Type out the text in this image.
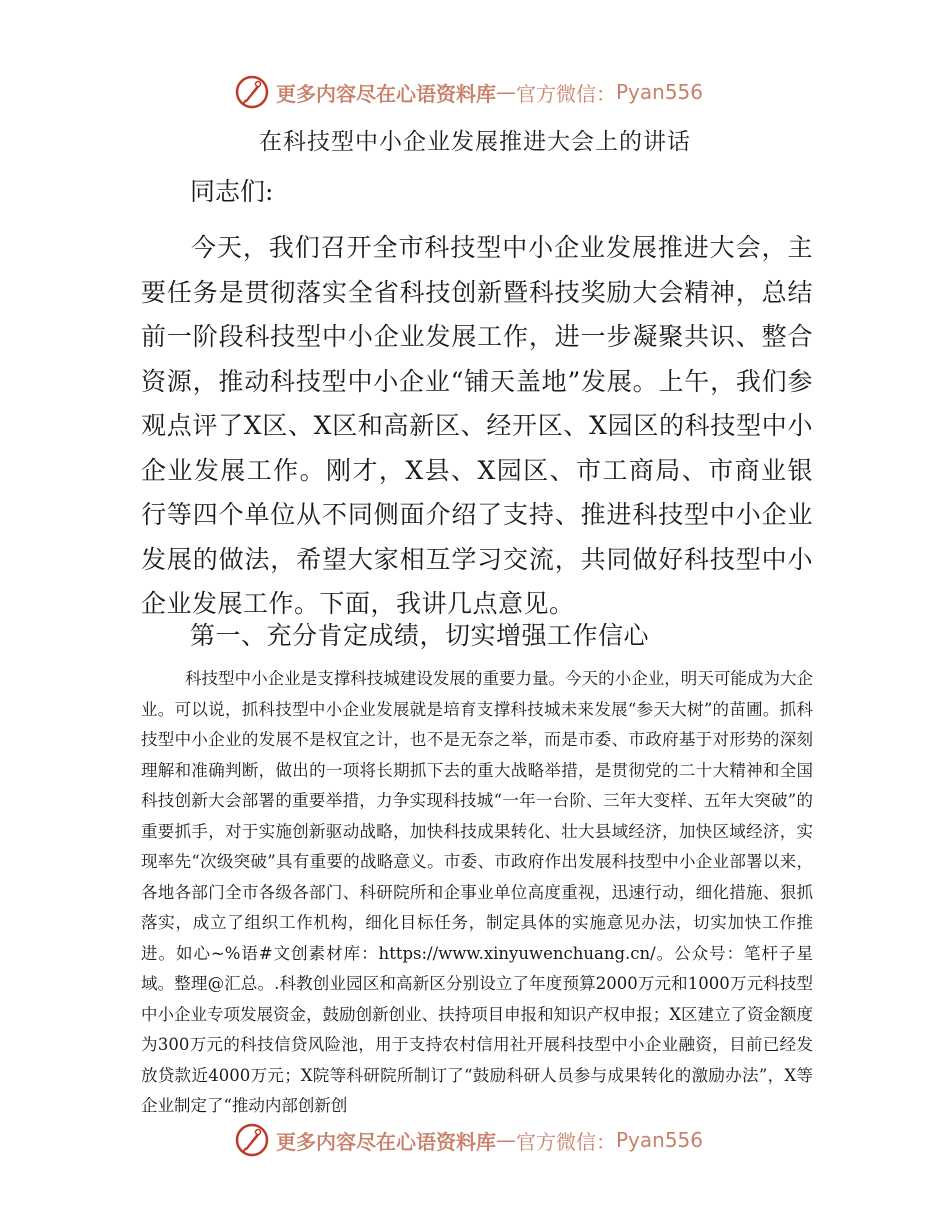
更多内容尽在心语资料库 — 官方微信： Pyan556
在科技型中小企业发展推进大会上的讲话
同志们:

今天，我们召开全市科技型中小企业发展推进大会，主要任务是贯彻落实全省科技创新暨科技奖励大会精神，总结前一阶段科技型中小企业发展工作，进一步凝聚共识、整合资源，推动科技型中小企业“铺天盖地”发展。上午，我们参观点评了X区、X区和高新区、经开区、X园区的科技型中小企业发展工作。刚才，X县、X园区、市工商局、市商业银行等四个单位从不同侧面介绍了支持、推进科技型中小企业发展的做法，希望大家相互学习交流，共同做好科技型中小企业发展工作。下面，我讲几点意见。

第一、充分肯定成绩，切实增强工作信心

科技型中小企业是支撑科技城建设发展的重要力量。今天的小企业，明天可能成为大企业。可以说，抓科技型中小企业发展就是培育支撑科技城未来发展“参天大树”的苗圃。抓科技型中小企业的发展不是权宜之计，也不是无奈之举，而是市委、市政府基于对形势的深刻理解和准确判断，做出的一项将长期抓下去的重大战略举措，是贯彻党的二十大精神和全国科技创新大会部署的重要举措，力争实现科技城“一年一台阶、三年大变样、五年大突破”的重要抓手，对于实施创新驱动战略，加快科技成果转化、壮大县域经济，加快区域经济，实现率先“次级突破”具有重要的战略意义。市委、市政府作出发展科技型中小企业部署以来，各地各部门全市各级各部门、科研院所和企事业单位高度重视，迅速行动，细化措施、狠抓落实，成立了组织工作机构，细化目标任务，制定具体的实施意见办法，切实加快工作推进。如心~%语#文创素材库：https://www.xinyuwenchuang.cn/。公众号：笔杆子星域。整理@汇总。.科教创业园区和高新区分别设立了年度预算2000万元和1000万元科技型中小企业专项发展资金，鼓励创新创业、扶持项目申报和知识产权申报；X区建立了资金额度为300万元的科技信贷风险池，用于支持农村信用社开展科技型中小企业融资，目前已经发放贷款近4000万元；X院等科研院所制订了“鼓励科研人员参与成果转化的激励办法”，X等企业制定了“推动内部创新创

更多内容尽在心语资料库 — 官方微信： Pyan556
